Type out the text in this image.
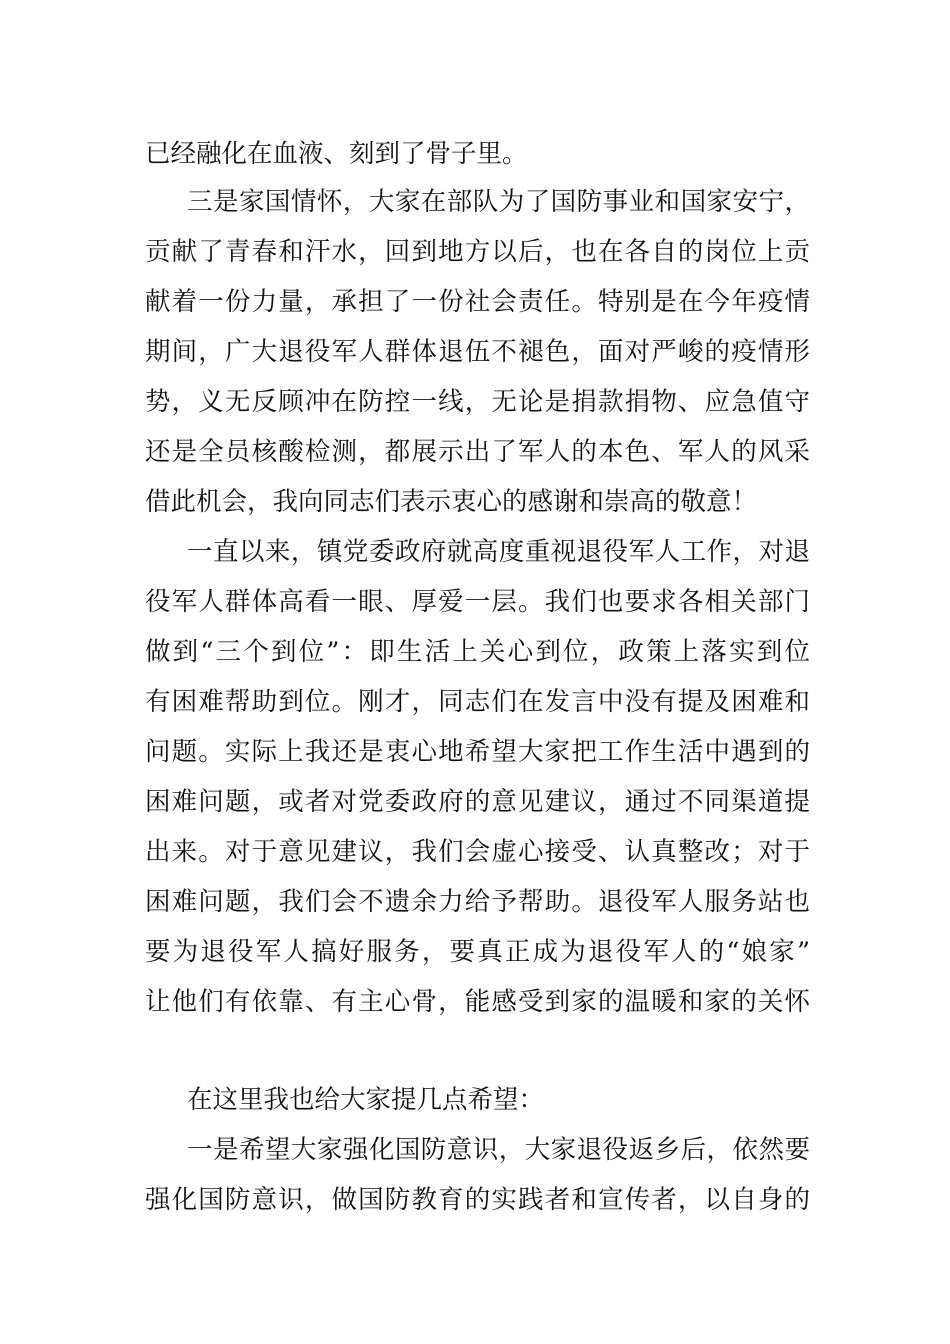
已经融化在血液、刻到了骨子里。
三是家国情怀，大家在部队为了国防事业和国家安宁，
贡献了青春和汗水，回到地方以后，也在各自的岗位上贡
献着一份力量，承担了一份社会责任。特别是在今年疫情
期间，广大退役军人群体退伍不褪色，面对严峻的疫情形
势，义无反顾冲在防控一线，无论是捐款捐物、应急值守
还是全员核酸检测，都展示出了军人的本色、军人的风采
借此机会，我向同志们表示衷心的感谢和崇高的敬意！
一直以来，镇党委政府就高度重视退役军人工作，对退
役军人群体高看一眼、厚爱一层。我们也要求各相关部门
做到“三个到位”：即生活上关心到位，政策上落实到位
有困难帮助到位。刚才，同志们在发言中没有提及困难和
问题。实际上我还是衷心地希望大家把工作生活中遇到的
困难问题，或者对党委政府的意见建议，通过不同渠道提
出来。对于意见建议，我们会虚心接受、认真整改；对于
困难问题，我们会不遗余力给予帮助。退役军人服务站也
要为退役军人搞好服务，要真正成为退役军人的“娘家”
让他们有依靠、有主心骨，能感受到家的温暖和家的关怀
在这里我也给大家提几点希望：
一是希望大家强化国防意识，大家退役返乡后，依然要
强化国防意识，做国防教育的实践者和宣传者，以自身的
